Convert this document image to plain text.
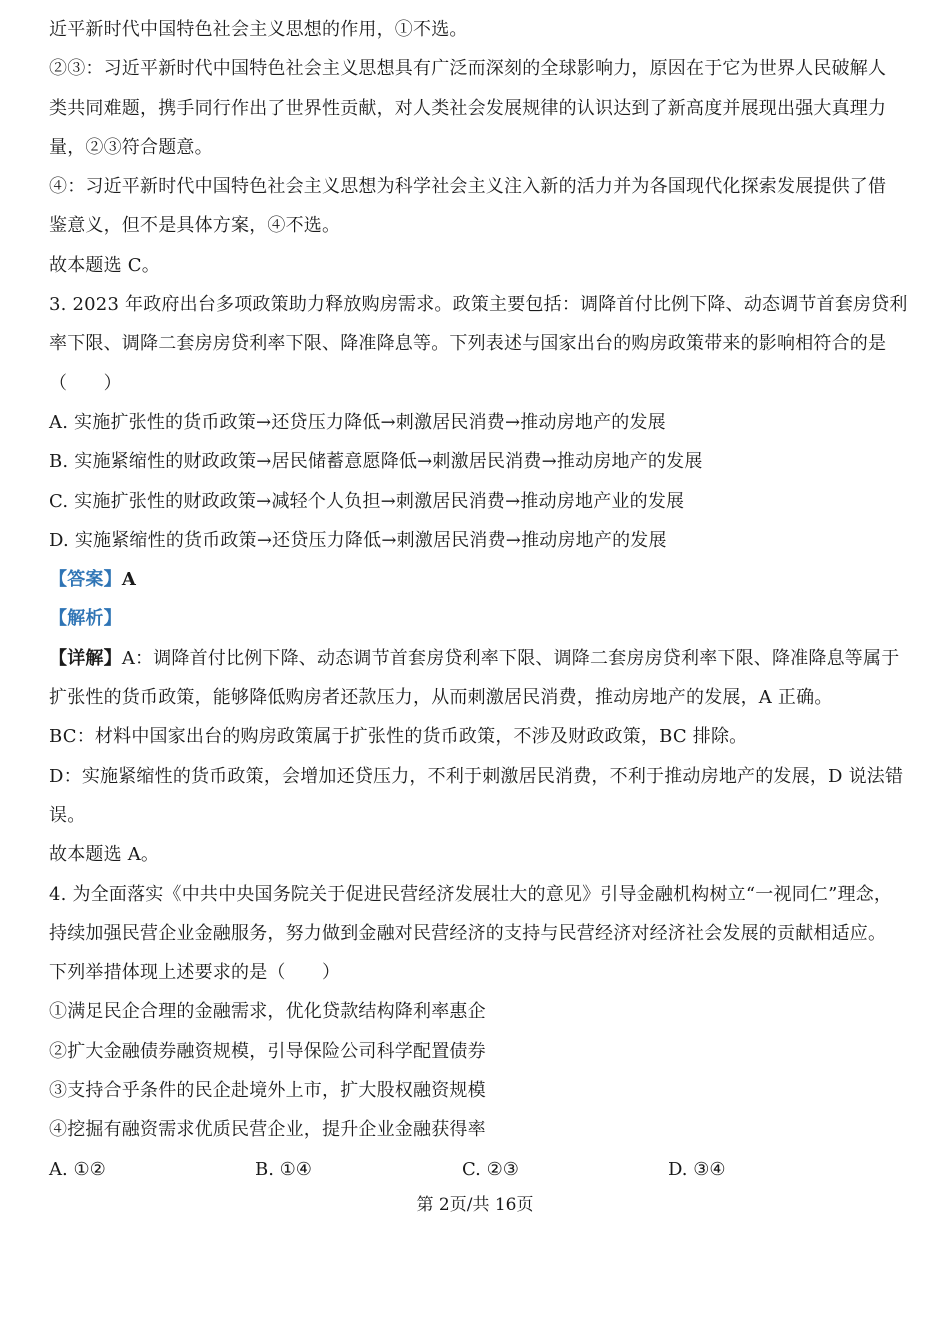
近平新时代中国特色社会主义思想的作用，①不选。
②③：习近平新时代中国特色社会主义思想具有广泛而深刻的全球影响力，原因在于它为世界人民破解人
类共同难题，携手同行作出了世界性贡献，对人类社会发展规律的认识达到了新高度并展现出强大真理力
量，②③符合题意。
④：习近平新时代中国特色社会主义思想为科学社会主义注入新的活力并为各国现代化探索发展提供了借
鉴意义，但不是具体方案，④不选。
故本题选 C。
3. 2023 年政府出台多项政策助力释放购房需求。政策主要包括：调降首付比例下降、动态调节首套房贷利
率下限、调降二套房房贷利率下限、降准降息等。下列表述与国家出台的购房政策带来的影响相符合的是
（　　）
A. 实施扩张性的货币政策→还贷压力降低→刺激居民消费→推动房地产的发展
B. 实施紧缩性的财政政策→居民储蓄意愿降低→刺激居民消费→推动房地产的发展
C. 实施扩张性的财政政策→减轻个人负担→刺激居民消费→推动房地产业的发展
D. 实施紧缩性的货币政策→还贷压力降低→刺激居民消费→推动房地产的发展
【答案】A
【解析】
【详解】A：调降首付比例下降、动态调节首套房贷利率下限、调降二套房房贷利率下限、降准降息等属于
扩张性的货币政策，能够降低购房者还款压力，从而刺激居民消费，推动房地产的发展，A 正确。
BC：材料中国家出台的购房政策属于扩张性的货币政策，不涉及财政政策，BC 排除。
D：实施紧缩性的货币政策，会增加还贷压力，不利于刺激居民消费，不利于推动房地产的发展，D 说法错
误。
故本题选 A。
4. 为全面落实《中共中央国务院关于促进民营经济发展壮大的意见》引导金融机构树立“一视同仁”理念，
持续加强民营企业金融服务，努力做到金融对民营经济的支持与民营经济对经济社会发展的贡献相适应。
下列举措体现上述要求的是（　　）
①满足民企合理的金融需求，优化贷款结构降利率惠企
②扩大金融债券融资规模，引导保险公司科学配置债券
③支持合乎条件的民企赴境外上市，扩大股权融资规模
④挖掘有融资需求优质民营企业，提升企业金融获得率
A. ①②	B. ①④	C. ②③	D. ③④
第 2页/共 16页
